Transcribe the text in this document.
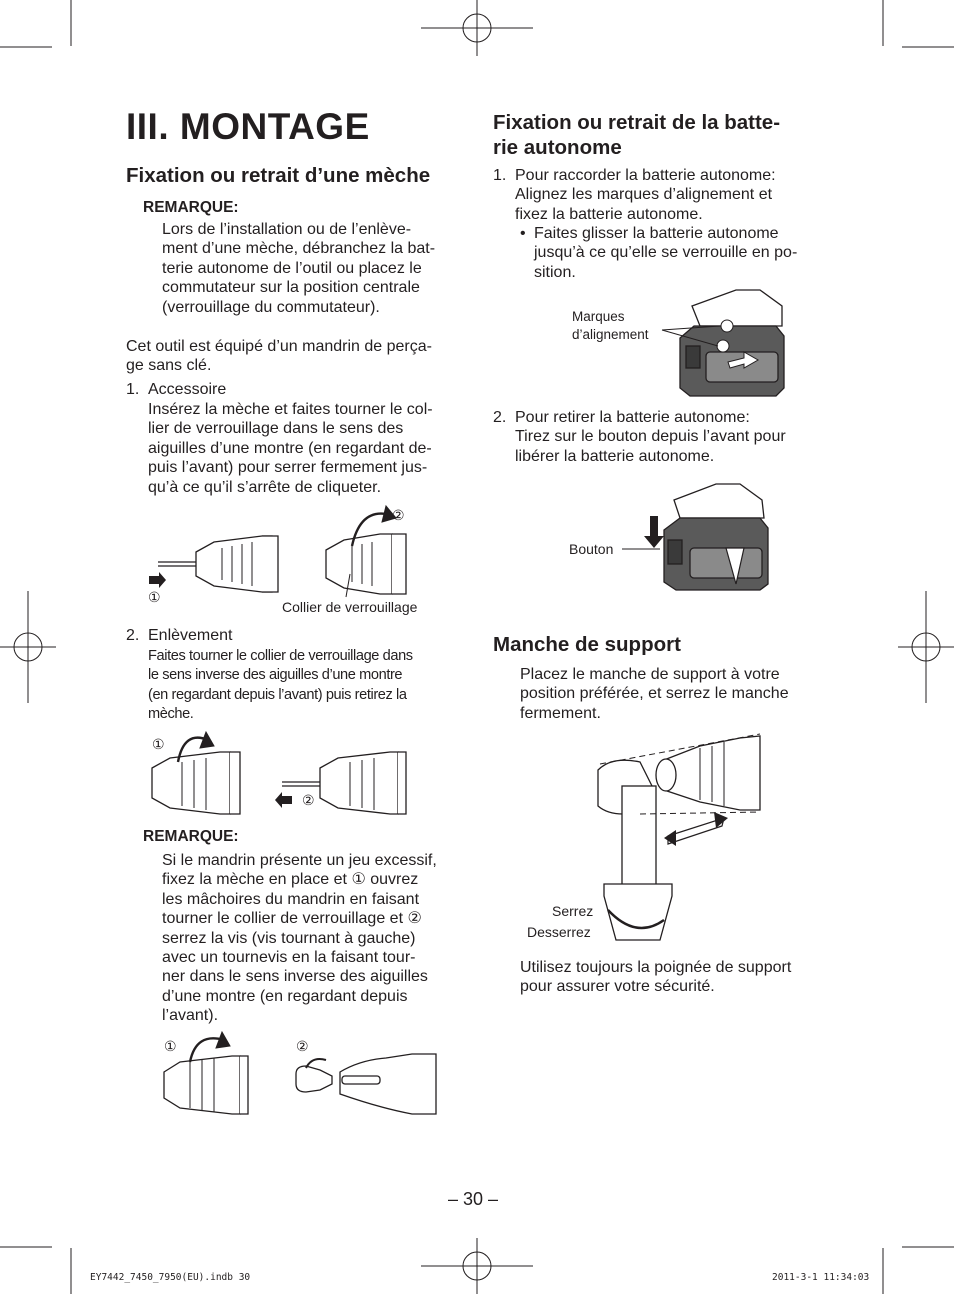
III. MONTAGE
Fixation ou retrait d’une mèche
REMARQUE:

Lors de l’installation ou de l’enlève-

ment d’une mèche, débranchez la bat-

terie autonome de l’outil ou placez le

commutateur sur la position centrale

(verrouillage du commutateur).

Cet outil est équipé d’un mandrin de perça-

ge sans clé.

1. Accessoire

Insérez la mèche et faites tourner le col-

lier de verrouillage dans le sens des

aiguilles d’une montre (en regardant de-

puis l’avant) pour serrer fermement jus-

qu’à ce qu’il s’arrête de cliqueter.

①
②
Collier de verrouillage
2. Enlèvement

Faites tourner le collier de verrouillage dans

le sens inverse des aiguilles d’une montre

(en regardant depuis l’avant) puis retirez la

mèche.

①
②
REMARQUE:

Si le mandrin présente un jeu excessif,

fixez la mèche en place et ① ouvrez

les mâchoires du mandrin en faisant

tourner le collier de verrouillage et ②

serrez la vis (vis tournant à gauche)

avec un tournevis en la faisant tour-

ner dans le sens inverse des aiguilles

d’une montre (en regardant depuis

l’avant).

①	②

Fixation ou retrait de la batte-

rie autonome

1. Pour raccorder la batterie autonome:

Alignez les marques d’alignement et

fixez la batterie autonome.

• Faites glisser la batterie autonome

jusqu’à ce qu’elle se verrouille en po-

sition.

Marques

d’alignement

2. Pour retirer la batterie autonome:

Tirez sur le bouton depuis l’avant pour

libérer la batterie autonome.

Bouton
Manche de support

Placez le manche de support à votre

position préférée, et serrez le manche

fermement.

Serrez
Desserrez

Utilisez toujours la poignée de support

pour assurer votre sécurité.

– 30 –
EY7442_7450_7950(EU).indb 30	2011-3-1 11:34:03
